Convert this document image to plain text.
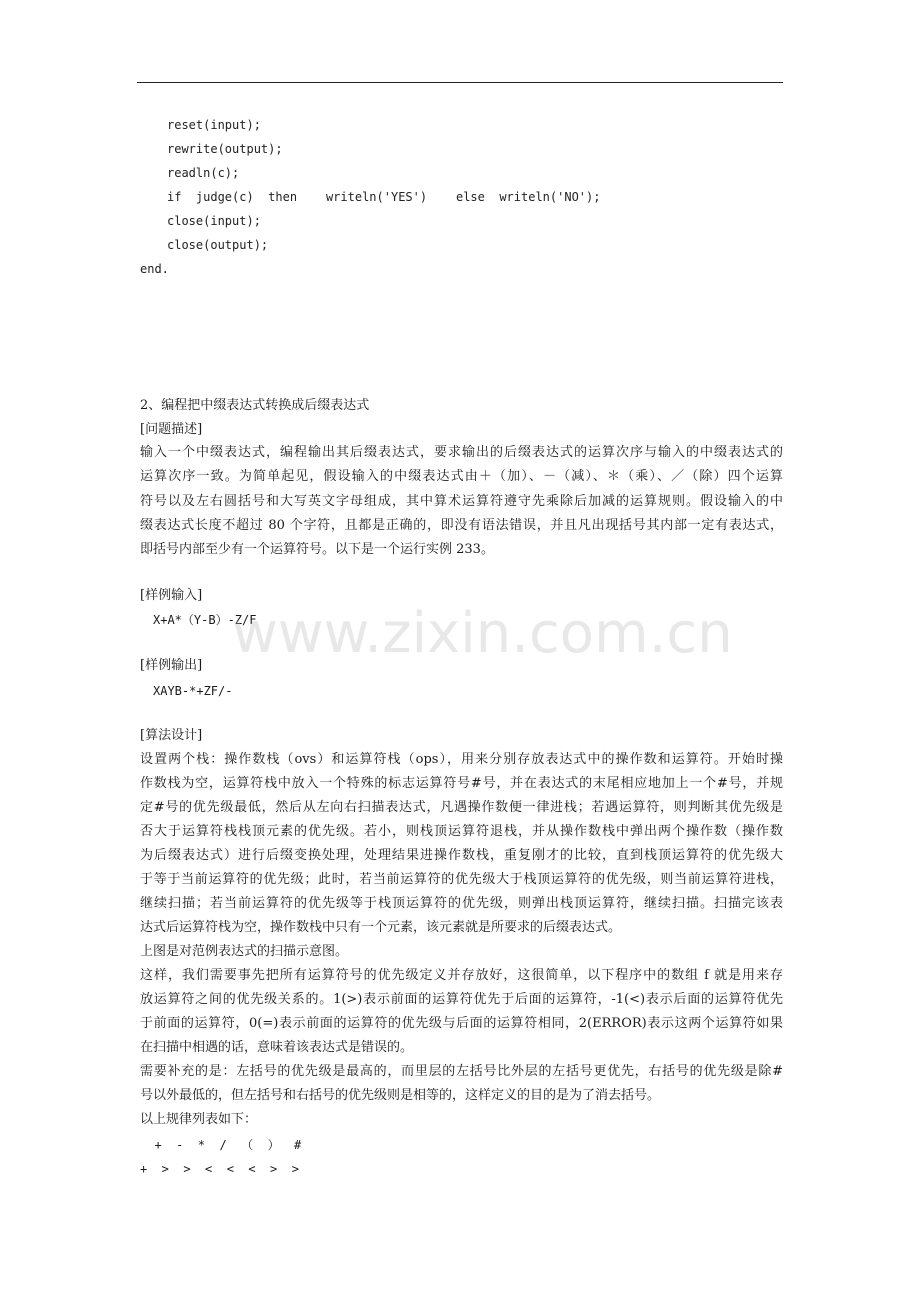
reset(input);
rewrite(output);
readln(c);
if  judge(c)  then    writeln('YES')    else  writeln('NO');
close(input);
close(output);
end.
2、编程把中缀表达式转换成后缀表达式
[问题描述]
输入一个中缀表达式，编程输出其后缀表达式，要求输出的后缀表达式的运算次序与输入的中缀表达式的
运算次序一致。为简单起见，假设输入的中缀表达式由＋（加）、－（减）、＊（乘）、／（除）四个运算
符号以及左右圆括号和大写英文字母组成，其中算术运算符遵守先乘除后加减的运算规则。假设输入的中
缀表达式长度不超过 80 个字符，且都是正确的，即没有语法错误，并且凡出现括号其内部一定有表达式，
即括号内部至少有一个运算符号。以下是一个运行实例 233。
[样例输入]
X+A*（Y-B）-Z/F
[样例输出]
XAYB-*+ZF/-
[算法设计]
设置两个栈：操作数栈（ovs）和运算符栈（ops），用来分别存放表达式中的操作数和运算符。开始时操
作数栈为空，运算符栈中放入一个特殊的标志运算符号#号，并在表达式的末尾相应地加上一个#号，并规
定#号的优先级最低，然后从左向右扫描表达式，凡遇操作数便一律进栈；若遇运算符，则判断其优先级是
否大于运算符栈栈顶元素的优先级。若小，则栈顶运算符退栈，并从操作数栈中弹出两个操作数（操作数
为后缀表达式）进行后缀变换处理，处理结果进操作数栈，重复刚才的比较，直到栈顶运算符的优先级大
于等于当前运算符的优先级；此时，若当前运算符的优先级大于栈顶运算符的优先级，则当前运算符进栈，
继续扫描；若当前运算符的优先级等于栈顶运算符的优先级，则弹出栈顶运算符，继续扫描。扫描完该表
达式后运算符栈为空，操作数栈中只有一个元素，该元素就是所要求的后缀表达式。
上图是对范例表达式的扫描示意图。
这样，我们需要事先把所有运算符号的优先级定义并存放好，这很简单，以下程序中的数组 f 就是用来存
放运算符之间的优先级关系的。1(>)表示前面的运算符优先于后面的运算符，-1(<)表示后面的运算符优先
于前面的运算符，0(=)表示前面的运算符的优先级与后面的运算符相同，2(ERROR)表示这两个运算符如果
在扫描中相遇的话，意味着该表达式是错误的。
需要补充的是：左括号的优先级是最高的，而里层的左括号比外层的左括号更优先，右括号的优先级是除#
号以外最低的，但左括号和右括号的优先级则是相等的，这样定义的目的是为了消去括号。
以上规律列表如下：
+  -  *  /  （  ）  #
+  >  >  <  <  <  >  >
www.zixin.com.cn
